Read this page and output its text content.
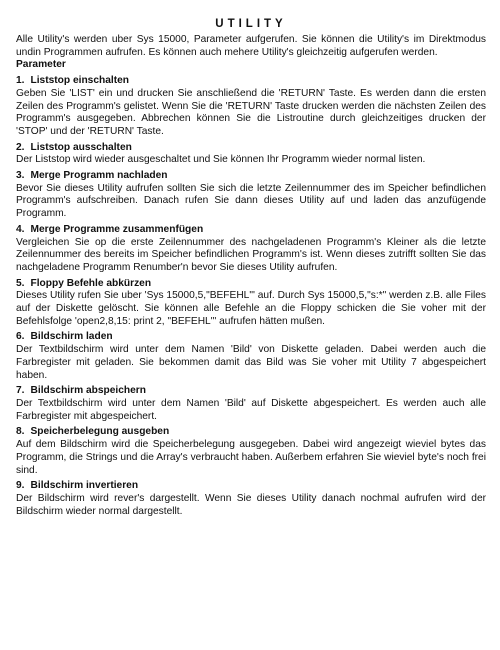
UTILITY

Alle Utility's werden uber Sys 15000, Parameter aufgerufen. Sie können die Utility's im Direktmodus undin Programmen aufrufen. Es können auch mehere Utility's gleichzeitig aufgerufen werden.

Parameter
1. Liststop einschalten

Geben Sie 'LIST' ein und drucken Sie anschließend die 'RETURN' Taste. Es werden dann die ersten Zeilen des Programm's gelistet. Wenn Sie die 'RETURN' Taste drucken werden die nächsten Zeilen des Programm's ausgegeben. Abbrechen können Sie die Listroutine durch gleichzeitiges drucken der 'STOP' und der 'RETURN' Taste.

2. Liststop ausschalten

Der Liststop wird wieder ausgeschaltet und Sie können Ihr Programm wieder normal listen.

3. Merge Programm nachladen

Bevor Sie dieses Utility aufrufen sollten Sie sich die letzte Zeilennummer des im Speicher befindlichen Programm's aufschreiben. Danach rufen Sie dann dieses Utility auf und laden das anzufügende Programm.

4. Merge Programme zusammenfügen

Vergleichen Sie op die erste Zeilennummer des nachgeladenen Programm's Kleiner als die letzte Zeilennummer des bereits im Speicher befindlichen Programm's ist. Wenn dieses zutrifft sollten Sie das nachgeladene Programm Renumber'n bevor Sie dieses Utility aufrufen.

5. Floppy Befehle abkürzen

Dieses Utility rufen Sie uber 'Sys 15000,5,"BEFEHL"' auf. Durch Sys 15000,5,"s:*" werden z.B. alle Files auf der Diskette gelöscht. Sie können alle Befehle an die Floppy schicken die Sie voher mit der Befehlsfolge 'open2,8,15: print 2, "BEFEHL"' aufrufen hätten mußen.

6. Bildschirm laden

Der Textbildschirm wird unter dem Namen 'Bild' von Diskette geladen. Dabei werden auch die Farbregister mit geladen. Sie bekommen damit das Bild was Sie voher mit Utility 7 abgespeichert haben.

7. Bildschirm abspeichern

Der Textbildschirm wird unter dem Namen 'Bild' auf Diskette abgespeichert. Es werden auch alle Farbregister mit abgespeichert.

8. Speicherbelegung ausgeben

Auf dem Bildschirm wird die Speicherbelegung ausgegeben. Dabei wird angezeigt wieviel bytes das Programm, die Strings und die Array's verbraucht haben. Außerbem erfahren Sie wieviel byte's noch frei sind.

9. Bildschirm invertieren

Der Bildschirm wird rever's dargestellt. Wenn Sie dieses Utility danach nochmal aufrufen wird der Bildschirm wieder normal dargestellt.
